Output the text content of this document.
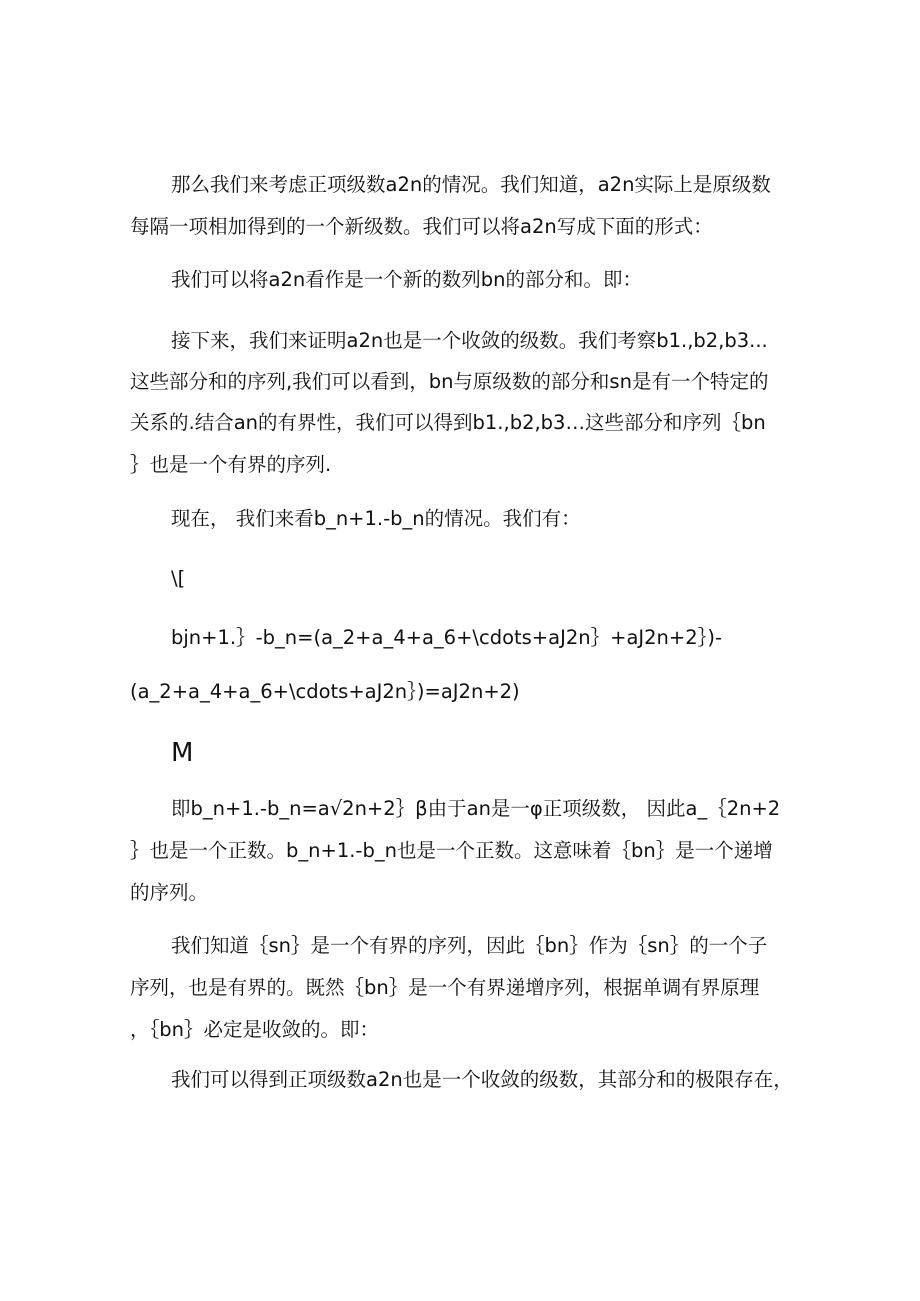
那么我们来考虑正项级数a2n的情况。我们知道，a2n实际上是原级数
每隔一项相加得到的一个新级数。我们可以将a2n写成下面的形式：
我们可以将a2n看作是一个新的数列bn的部分和。即：
接下来，我们来证明a2n也是一个收敛的级数。我们考察b1.,b2,b3...
这些部分和的序列,我们可以看到，bn与原级数的部分和sn是有一个特定的
关系的.结合an的有界性，我们可以得到b1.,b2,b3…这些部分和序列｛bn
｝也是一个有界的序列.
现在， 我们来看b_n+1.-b_n的情况。我们有：
\[
bjn+1.｝-b_n=(a_2+a_4+a_6+\cdots+aJ2n｝+aJ2n+2｝)-
(a_2+a_4+a_6+\cdots+aJ2n｝)=aJ2n+2)
M
即b_n+1.-b_n=a√2n+2｝β由于an是一φ正项级数， 因此a_｛2n+2
｝也是一个正数。b_n+1.-b_n也是一个正数。这意味着｛bn｝是一个递增
的序列。
我们知道｛sn｝是一个有界的序列，因此｛bn｝作为｛sn｝的一个子
序列，也是有界的。既然｛bn｝是一个有界递增序列，根据单调有界原理
，｛bn｝必定是收敛的。即：
我们可以得到正项级数a2n也是一个收敛的级数，其部分和的极限存在，
